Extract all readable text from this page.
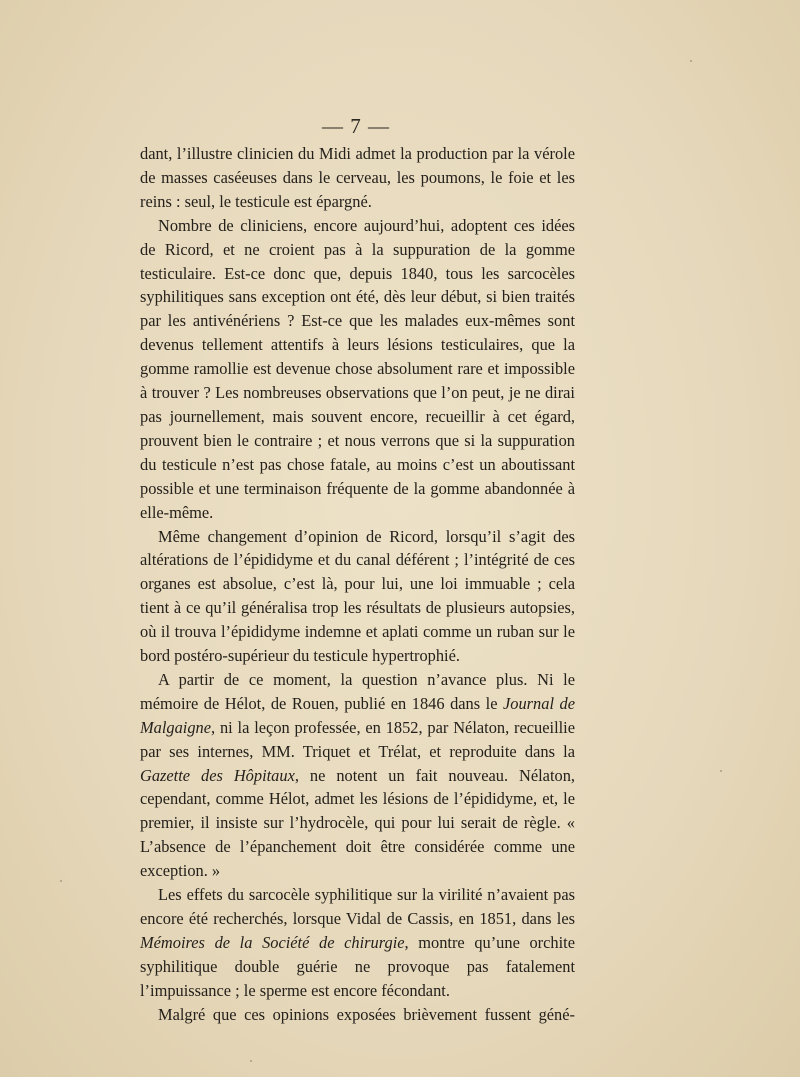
— 7 —

dant, l’illustre clinicien du Midi admet la production par la vérole de masses caséeuses dans le cerveau, les poumons, le foie et les reins : seul, le testicule est épargné.

Nombre de cliniciens, encore aujourd’hui, adoptent ces idées de Ricord, et ne croient pas à la suppuration de la gomme testiculaire. Est-ce donc que, depuis 1840, tous les sarcocèles syphilitiques sans exception ont été, dès leur début, si bien traités par les antivénériens ? Est-ce que les malades eux-mêmes sont devenus tellement attentifs à leurs lésions testiculaires, que la gomme ramollie est devenue chose absolument rare et impossible à trouver ? Les nombreuses observations que l’on peut, je ne dirai pas journellement, mais souvent encore, recueillir à cet égard, prouvent bien le contraire ; et nous verrons que si la suppuration du testicule n’est pas chose fatale, au moins c’est un aboutissant possible et une terminaison fréquente de la gomme abandonnée à elle-même.

Même changement d’opinion de Ricord, lorsqu’il s’agit des altérations de l’épididyme et du canal déférent ; l’intégrité de ces organes est absolue, c’est là, pour lui, une loi immuable ; cela tient à ce qu’il généralisa trop les résultats de plusieurs autopsies, où il trouva l’épididyme indemne et aplati comme un ruban sur le bord postéro-supérieur du testicule hypertrophié.

A partir de ce moment, la question n’avance plus. Ni le mémoire de Hélot, de Rouen, publié en 1846 dans le Journal de Malgaigne, ni la leçon professée, en 1852, par Nélaton, recueillie par ses internes, MM. Triquet et Trélat, et reproduite dans la Gazette des Hôpitaux, ne notent un fait nouveau. Nélaton, cependant, comme Hélot, admet les lésions de l’épididyme, et, le premier, il insiste sur l’hydrocèle, qui pour lui serait de règle. « L’absence de l’épanchement doit être considérée comme une exception. »

Les effets du sarcocèle syphilitique sur la virilité n’avaient pas encore été recherchés, lorsque Vidal de Cassis, en 1851, dans les Mémoires de la Société de chirurgie, montre qu’une orchite syphilitique double guérie ne provoque pas fatalement l’impuissance ; le sperme est encore fécondant.

Malgré que ces opinions exposées brièvement fussent géné-
